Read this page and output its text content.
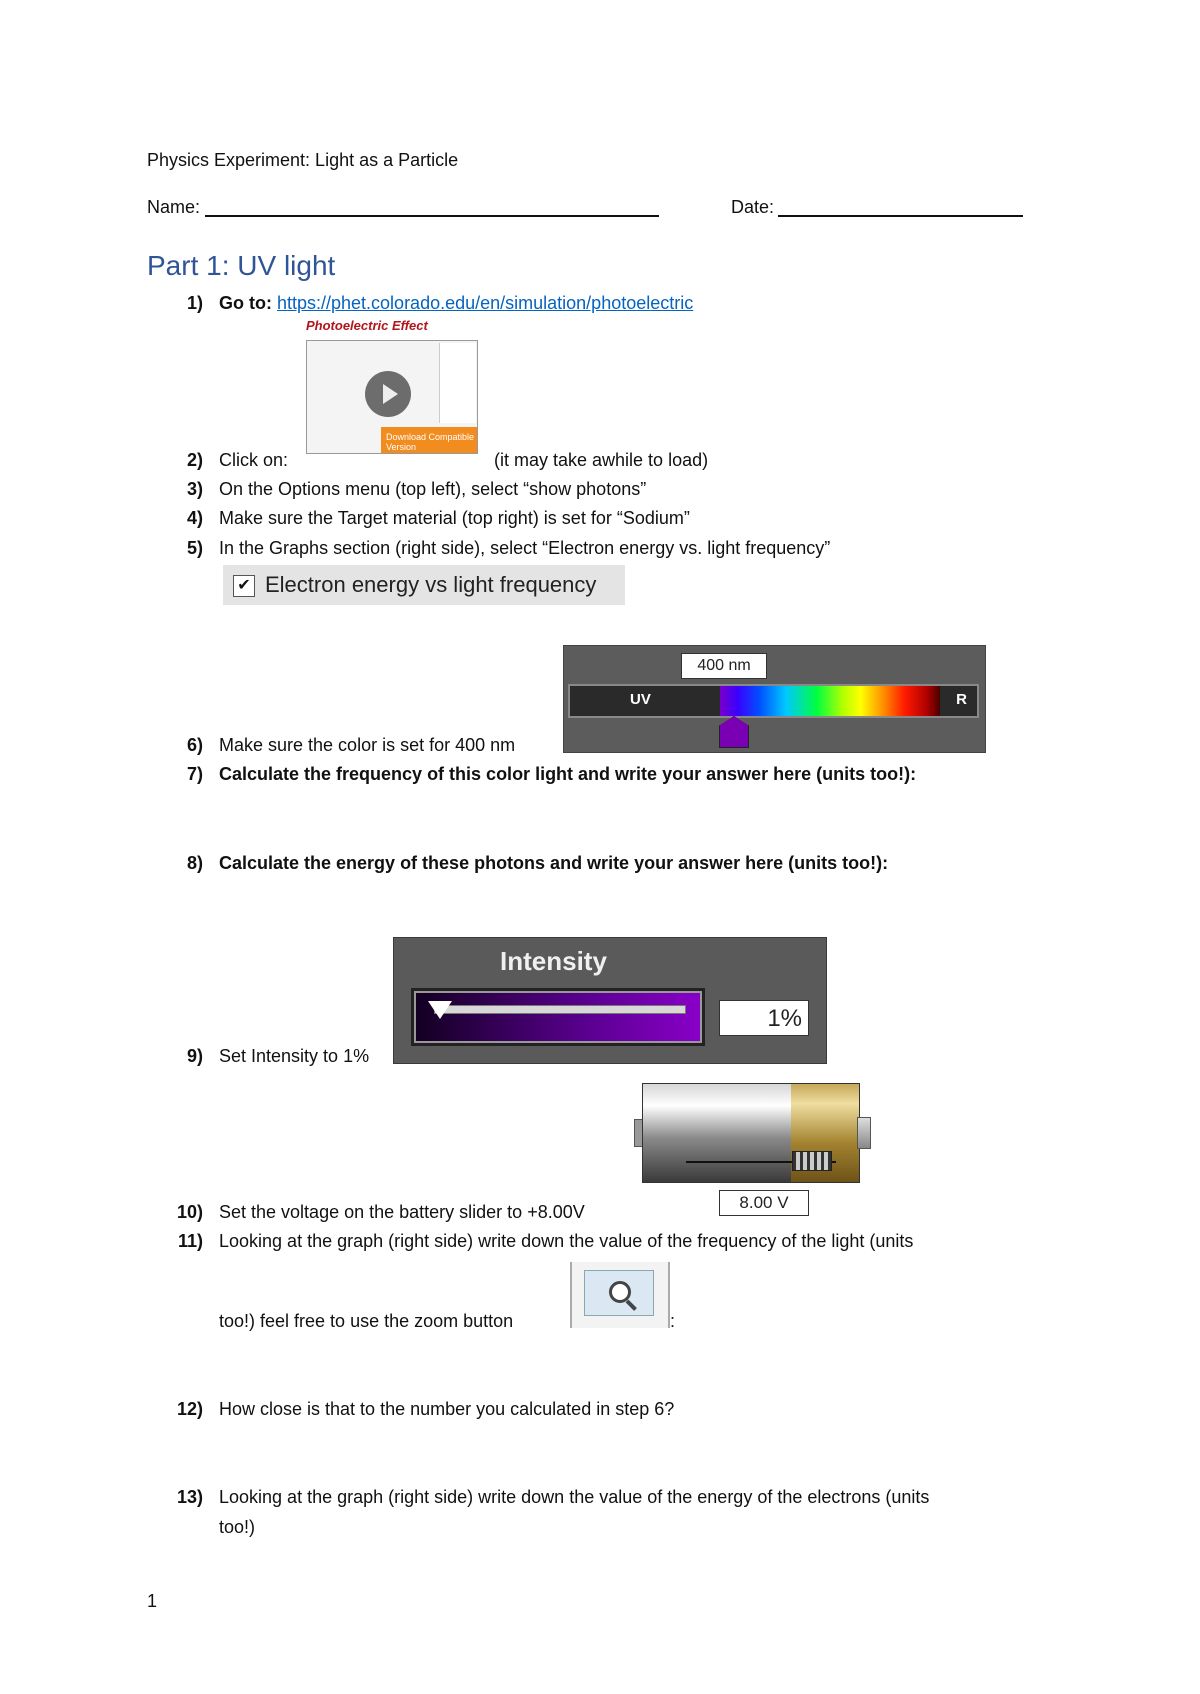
Physics Experiment: Light as a Particle
Name:	Date:
Part 1: UV light
1) Go to: https://phet.colorado.edu/en/simulation/photoelectric
Photoelectric Effect
Download Compatible Version
2) Click on:	(it may take awhile to load)
3) On the Options menu (top left), select “show photons”
4) Make sure the Target material (top right) is set for “Sodium”
5) In the Graphs section (right side), select “Electron energy vs. light frequency”
✔ Electron energy vs light frequency
400 nm
UV	R
6) Make sure the color is set for 400 nm
7) Calculate the frequency of this color light and write your answer here (units too!):
8) Calculate the energy of these photons and write your answer here (units too!):
Intensity
1%
9) Set Intensity to 1%
8.00 V
10) Set the voltage on the battery slider to +8.00V
11) Looking at the graph (right side) write down the value of the frequency of the light (units
too!) feel free to use the zoom button	:
12) How close is that to the number you calculated in step 6?
13) Looking at the graph (right side) write down the value of the energy of the electrons (units
too!)
1
